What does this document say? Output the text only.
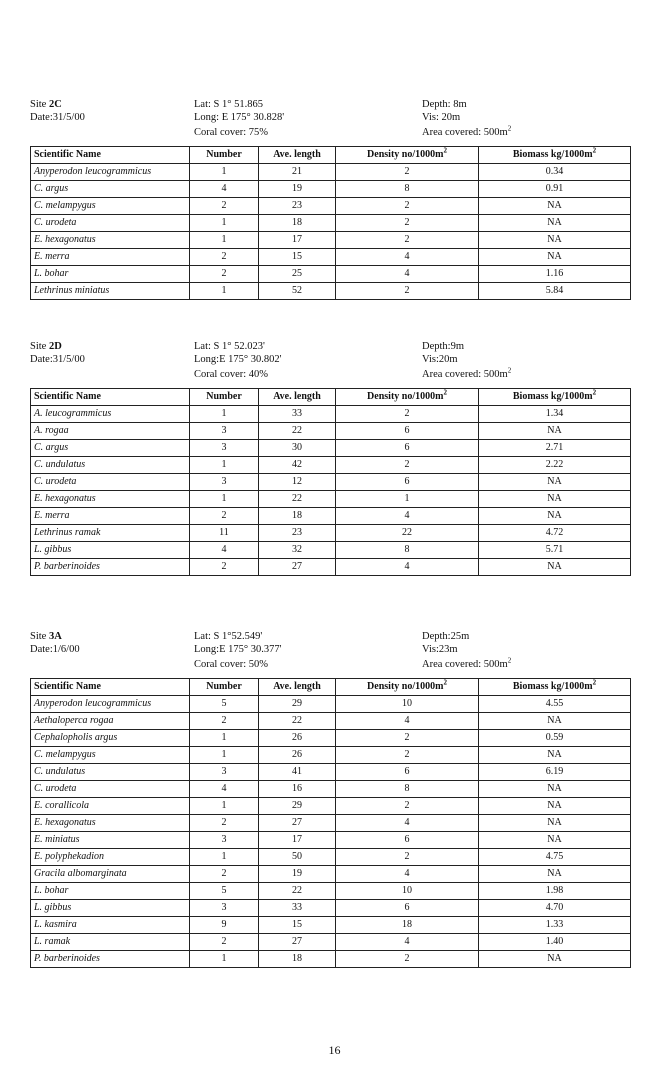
Site 2C
Date:31/5/00
Lat: S 1° 51.865
Long: E 175° 30.828'
Coral cover: 75%
Depth: 8m
Vis: 20m
Area covered: $500m^2$
Scientific Name	Number	Ave. length	Density $no/1000m^2$	Biomass $kg/1000m^2$
Anyperodon leucogrammicus	1	21	2	0.34
C. argus	4	19	8	0.91
C. melampygus	2	23	2	NA
C. urodeta	1	18	2	NA
E. hexagonatus	1	17	2	NA
E. merra	2	15	4	NA
L. bohar	2	25	4	1.16
Lethrinus miniatus	1	52	2	5.84
Site 2D
Date:31/5/00
Lat: S 1° 52.023'
Long:E 175° 30.802'
Coral cover: 40%
Depth:9m
Vis:20m
Area covered: $500m^2$
Scientific Name	Number	Ave. length	Density $no/1000m^2$	Biomass $kg/1000m^2$
A. leucogrammicus	1	33	2	1.34
A. rogaa	3	22	6	NA
C. argus	3	30	6	2.71
C. undulatus	1	42	2	2.22
C. urodeta	3	12	6	NA
E. hexagonatus	1	22	1	NA
E. merra	2	18	4	NA
Lethrinus ramak	11	23	22	4.72
L. gibbus	4	32	8	5.71
P. barberinoides	2	27	4	NA
Site 3A
Date:1/6/00
Lat: S 1°52.549'
Long:E 175° 30.377'
Coral cover: 50%
Depth:25m
Vis:23m
Area covered: $500m^2$
Scientific Name	Number	Ave. length	Density $no/1000m^2$	Biomass $kg/1000m^2$
Anyperodon leucogrammicus	5	29	10	4.55
Aethaloperca rogaa	2	22	4	NA
Cephalopholis argus	1	26	2	0.59
C. melampygus	1	26	2	NA
C. undulatus	3	41	6	6.19
C. urodeta	4	16	8	NA
E. corallicola	1	29	2	NA
E. hexagonatus	2	27	4	NA
E. miniatus	3	17	6	NA
E. polyphekadion	1	50	2	4.75
Gracila albomarginata	2	19	4	NA
L. bohar	5	22	10	1.98
L. gibbus	3	33	6	4.70
L. kasmira	9	15	18	1.33
L. ramak	2	27	4	1.40
P. barberinoides	1	18	2	NA
16
